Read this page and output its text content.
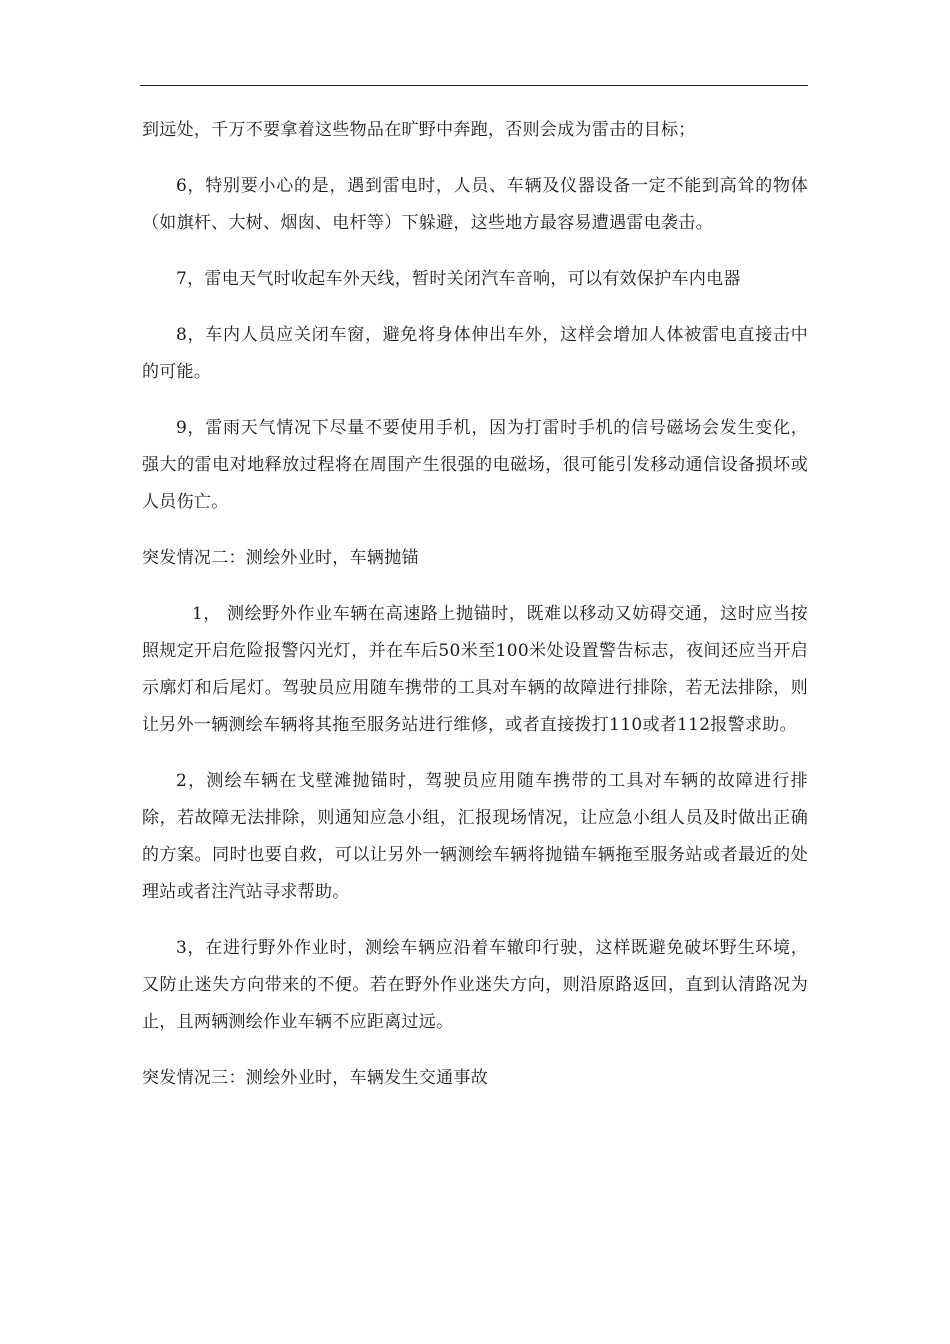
到远处，千万不要拿着这些物品在旷野中奔跑，否则会成为雷击的目标；

6，特别要小心的是，遇到雷电时，人员、车辆及仪器设备一定不能到高耸的物体（如旗杆、大树、烟囱、电杆等）下躲避，这些地方最容易遭遇雷电袭击。

7，雷电天气时收起车外天线，暂时关闭汽车音响，可以有效保护车内电器

8，车内人员应关闭车窗，避免将身体伸出车外，这样会增加人体被雷电直接击中的可能。

9，雷雨天气情况下尽量不要使用手机，因为打雷时手机的信号磁场会发生变化，强大的雷电对地释放过程将在周围产生很强的电磁场，很可能引发移动通信设备损坏或人员伤亡。

突发情况二：测绘外业时，车辆抛锚

1， 测绘野外作业车辆在高速路上抛锚时，既难以移动又妨碍交通，这时应当按照规定开启危险报警闪光灯，并在车后50米至100米处设置警告标志，夜间还应当开启示廓灯和后尾灯。驾驶员应用随车携带的工具对车辆的故障进行排除，若无法排除，则让另外一辆测绘车辆将其拖至服务站进行维修，或者直接拨打110或者112报警求助。

2，测绘车辆在戈壁滩抛锚时，驾驶员应用随车携带的工具对车辆的故障进行排除，若故障无法排除，则通知应急小组，汇报现场情况，让应急小组人员及时做出正确的方案。同时也要自救，可以让另外一辆测绘车辆将抛锚车辆拖至服务站或者最近的处理站或者注汽站寻求帮助。

3，在进行野外作业时，测绘车辆应沿着车辙印行驶，这样既避免破坏野生环境，又防止迷失方向带来的不便。若在野外作业迷失方向，则沿原路返回，直到认清路况为止，且两辆测绘作业车辆不应距离过远。

突发情况三：测绘外业时，车辆发生交通事故
